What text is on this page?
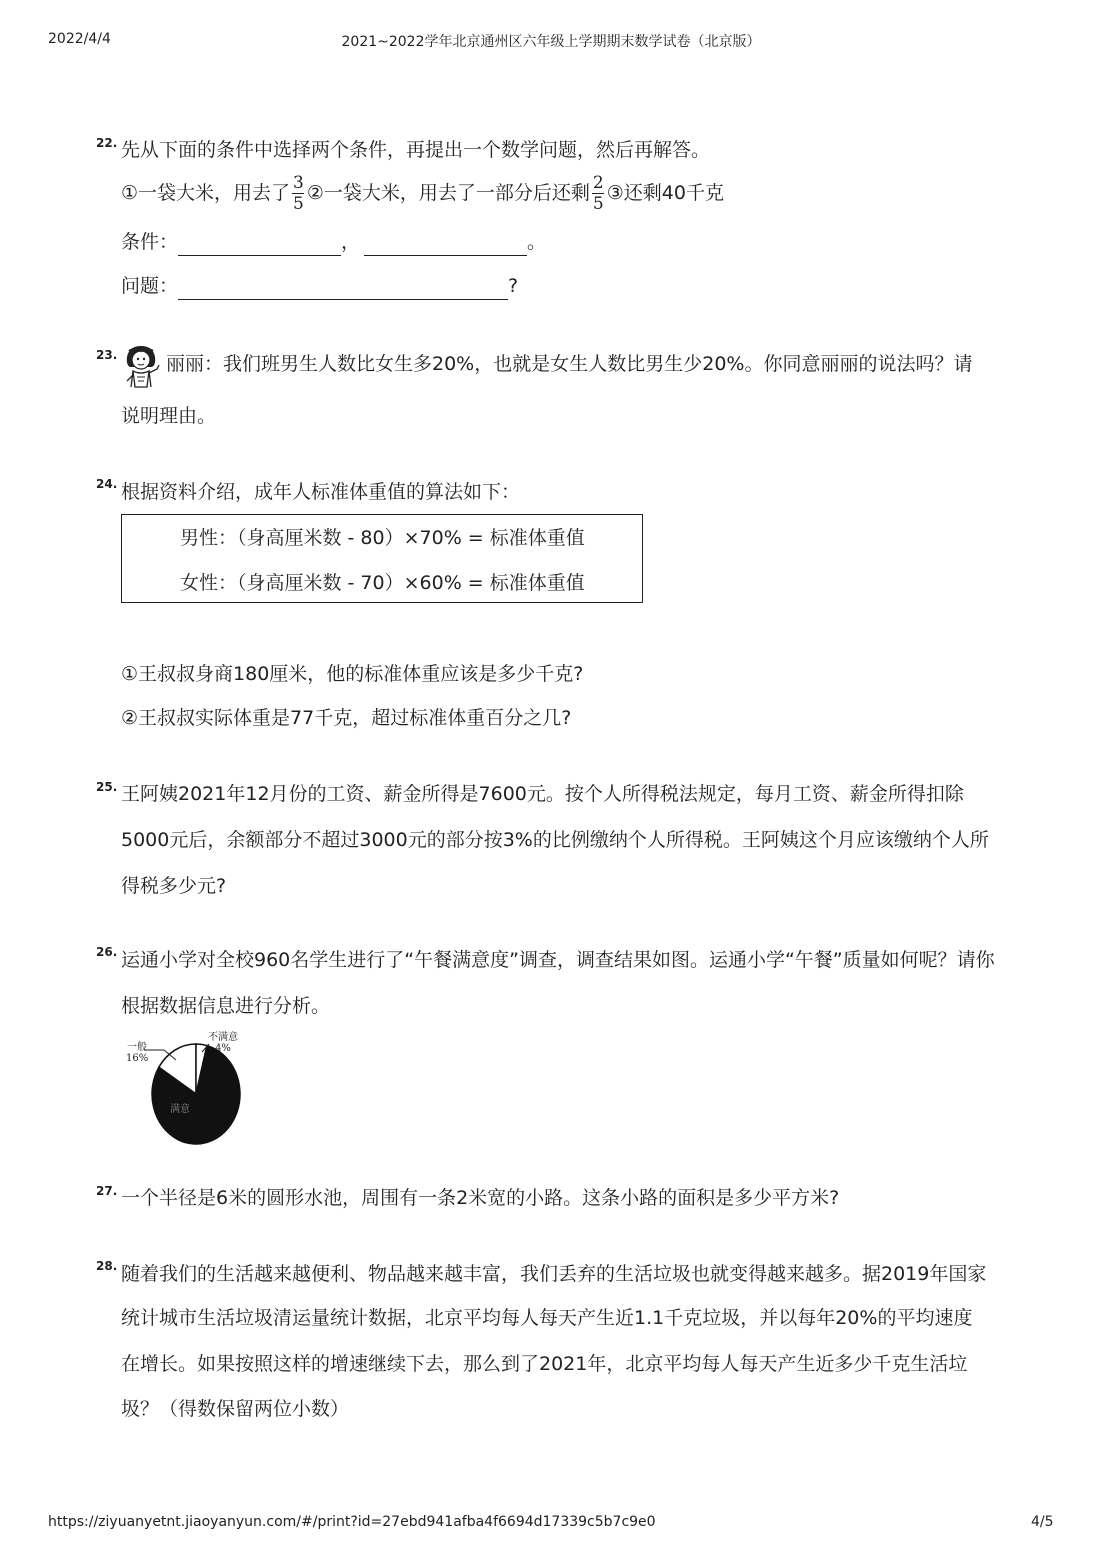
2022/4/4	2021~2022学年北京通州区六年级上学期期末数学试卷（北京版）
22. 先从下面的条件中选择两个条件，再提出一个数学问题，然后再解答。
①一袋大米，用去了 $\frac{3}{5}$ ②一袋大米，用去了一部分后还剩 $\frac{2}{5}$ ③还剩40千克
条件：	，	。
问题：	?
23.	丽丽：我们班男生人数比女生多20%，也就是女生人数比男生少20%。你同意丽丽的说法吗？请
说明理由。
24. 根据资料介绍，成年人标准体重值的算法如下：
男性：（身高厘米数 - 80）×70% = 标准体重值
女性：（身高厘米数 - 70）×60% = 标准体重值
①王叔叔身商180厘米，他的标准体重应该是多少千克?
②王叔叔实际体重是77千克，超过标准体重百分之几?
25. 王阿姨2021年12月份的工资、薪金所得是7600元。按个人所得税法规定，每月工资、薪金所得扣除
5000元后，余额部分不超过3000元的部分按3%的比例缴纳个人所得税。王阿姨这个月应该缴纳个人所
得税多少元?
26. 运通小学对全校960名学生进行了“午餐满意度”调查，调查结果如图。运通小学“午餐”质量如何呢？请你
根据数据信息进行分析。
不满意
4%
一般
16%
满意
27. 一个半径是6米的圆形水池，周围有一条2米宽的小路。这条小路的面积是多少平方米?
28. 随着我们的生活越来越便利、物品越来越丰富，我们丢弃的生活垃圾也就变得越来越多。据2019年国家
统计城市生活垃圾清运量统计数据，北京平均每人每天产生近1.1千克垃圾，并以每年20%的平均速度
在增长。如果按照这样的增速继续下去，那么到了2021年，北京平均每人每天产生近多少千克生活垃
圾？（得数保留两位小数）
https://ziyuanyetnt.jiaoyanyun.com/#/print?id=27ebd941afba4f6694d17339c5b7c9e0	4/5
